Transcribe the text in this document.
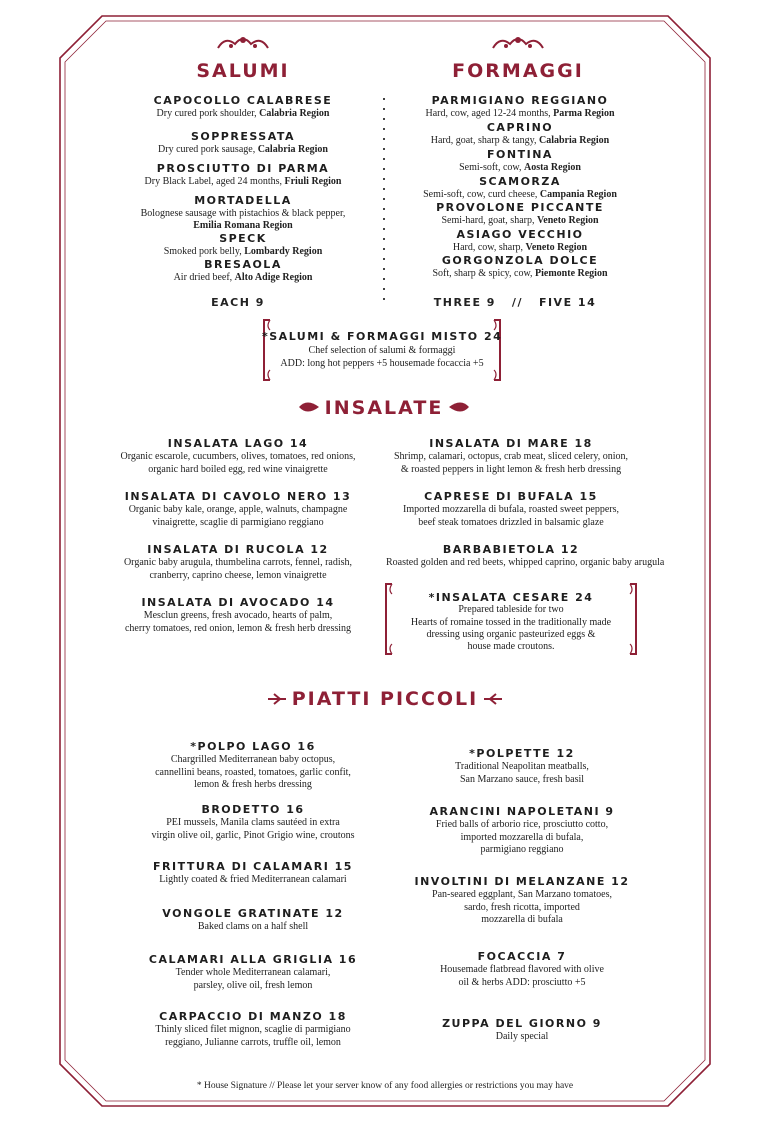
SALUMI
CAPOCOLLO CALABRESE
Dry cured pork shoulder, Calabria Region
SOPPRESSATA
Dry cured pork sausage, Calabria Region
PROSCIUTTO DI PARMA
Dry Black Label, aged 24 months, Friuli Region
MORTADELLA
Bolognese sausage with pistachios & black pepper,
Emilia Romana Region
SPECK
Smoked pork belly, Lombardy Region
BRESAOLA
Air dried beef, Alto Adige Region
EACH 9
FORMAGGI
PARMIGIANO REGGIANO
Hard, cow, aged 12-24 months, Parma Region
CAPRINO
Hard, goat, sharp & tangy, Calabria Region
FONTINA
Semi-soft, cow, Aosta Region
SCAMORZA
Semi-soft, cow, curd cheese, Campania Region
PROVOLONE PICCANTE
Semi-hard, goat, sharp, Veneto Region
ASIAGO VECCHIO
Hard, cow, sharp, Veneto Region
GORGONZOLA DOLCE
Soft, sharp & spicy, cow, Piemonte Region
THREE 9   //   FIVE 14
*SALUMI & FORMAGGI MISTO 24
Chef selection of salumi & formaggi
ADD: long hot peppers +5 housemade focaccia +5
INSALATE
INSALATA LAGO 14
Organic escarole, cucumbers, olives, tomatoes, red onions,
organic hard boiled egg, red wine vinaigrette
INSALATA DI CAVOLO NERO 13
Organic baby kale, orange, apple, walnuts, champagne
vinaigrette, scaglie di parmigiano reggiano
INSALATA DI RUCOLA 12
Organic baby arugula, thumbelina carrots, fennel, radish,
cranberry, caprino cheese, lemon vinaigrette
INSALATA DI AVOCADO 14
Mesclun greens, fresh avocado, hearts of palm,
cherry tomatoes, red onion, lemon & fresh herb dressing
INSALATA DI MARE 18
Shrimp, calamari, octopus, crab meat, sliced celery, onion,
& roasted peppers in light lemon & fresh herb dressing
CAPRESE DI BUFALA 15
Imported mozzarella di bufala, roasted sweet peppers,
beef steak tomatoes drizzled in balsamic glaze
BARBABIETOLA 12
Roasted golden and red beets, whipped caprino, organic baby arugula
*INSALATA CESARE 24
Prepared tableside for two
Hearts of romaine tossed in the traditionally made
dressing using organic pasteurized eggs &
house made croutons.
PIATTI PICCOLI
*POLPO LAGO 16
Chargrilled Mediterranean baby octopus,
cannellini beans, roasted, tomatoes, garlic confit,
lemon & fresh herbs dressing
BRODETTO 16
PEI mussels, Manila clams sautéed in extra
virgin olive oil, garlic, Pinot Grigio wine, croutons
FRITTURA DI CALAMARI 15
Lightly coated & fried Mediterranean calamari
VONGOLE GRATINATE 12
Baked clams on a half shell
CALAMARI ALLA GRIGLIA 16
Tender whole Mediterranean calamari,
parsley, olive oil, fresh lemon
CARPACCIO DI MANZO 18
Thinly sliced filet mignon, scaglie di parmigiano
reggiano, Julianne carrots, truffle oil, lemon
*POLPETTE 12
Traditional Neapolitan meatballs,
San Marzano sauce, fresh basil
ARANCINI NAPOLETANI 9
Fried balls of arborio rice, prosciutto cotto,
imported mozzarella di bufala,
parmigiano reggiano
INVOLTINI DI MELANZANE 12
Pan-seared eggplant, San Marzano tomatoes,
sardo, fresh ricotta, imported
mozzarella di bufala
FOCACCIA 7
Housemade flatbread flavored with olive
oil & herbs ADD: prosciutto +5
ZUPPA DEL GIORNO 9
Daily special
* House Signature // Please let your server know of any food allergies or restrictions you may have
